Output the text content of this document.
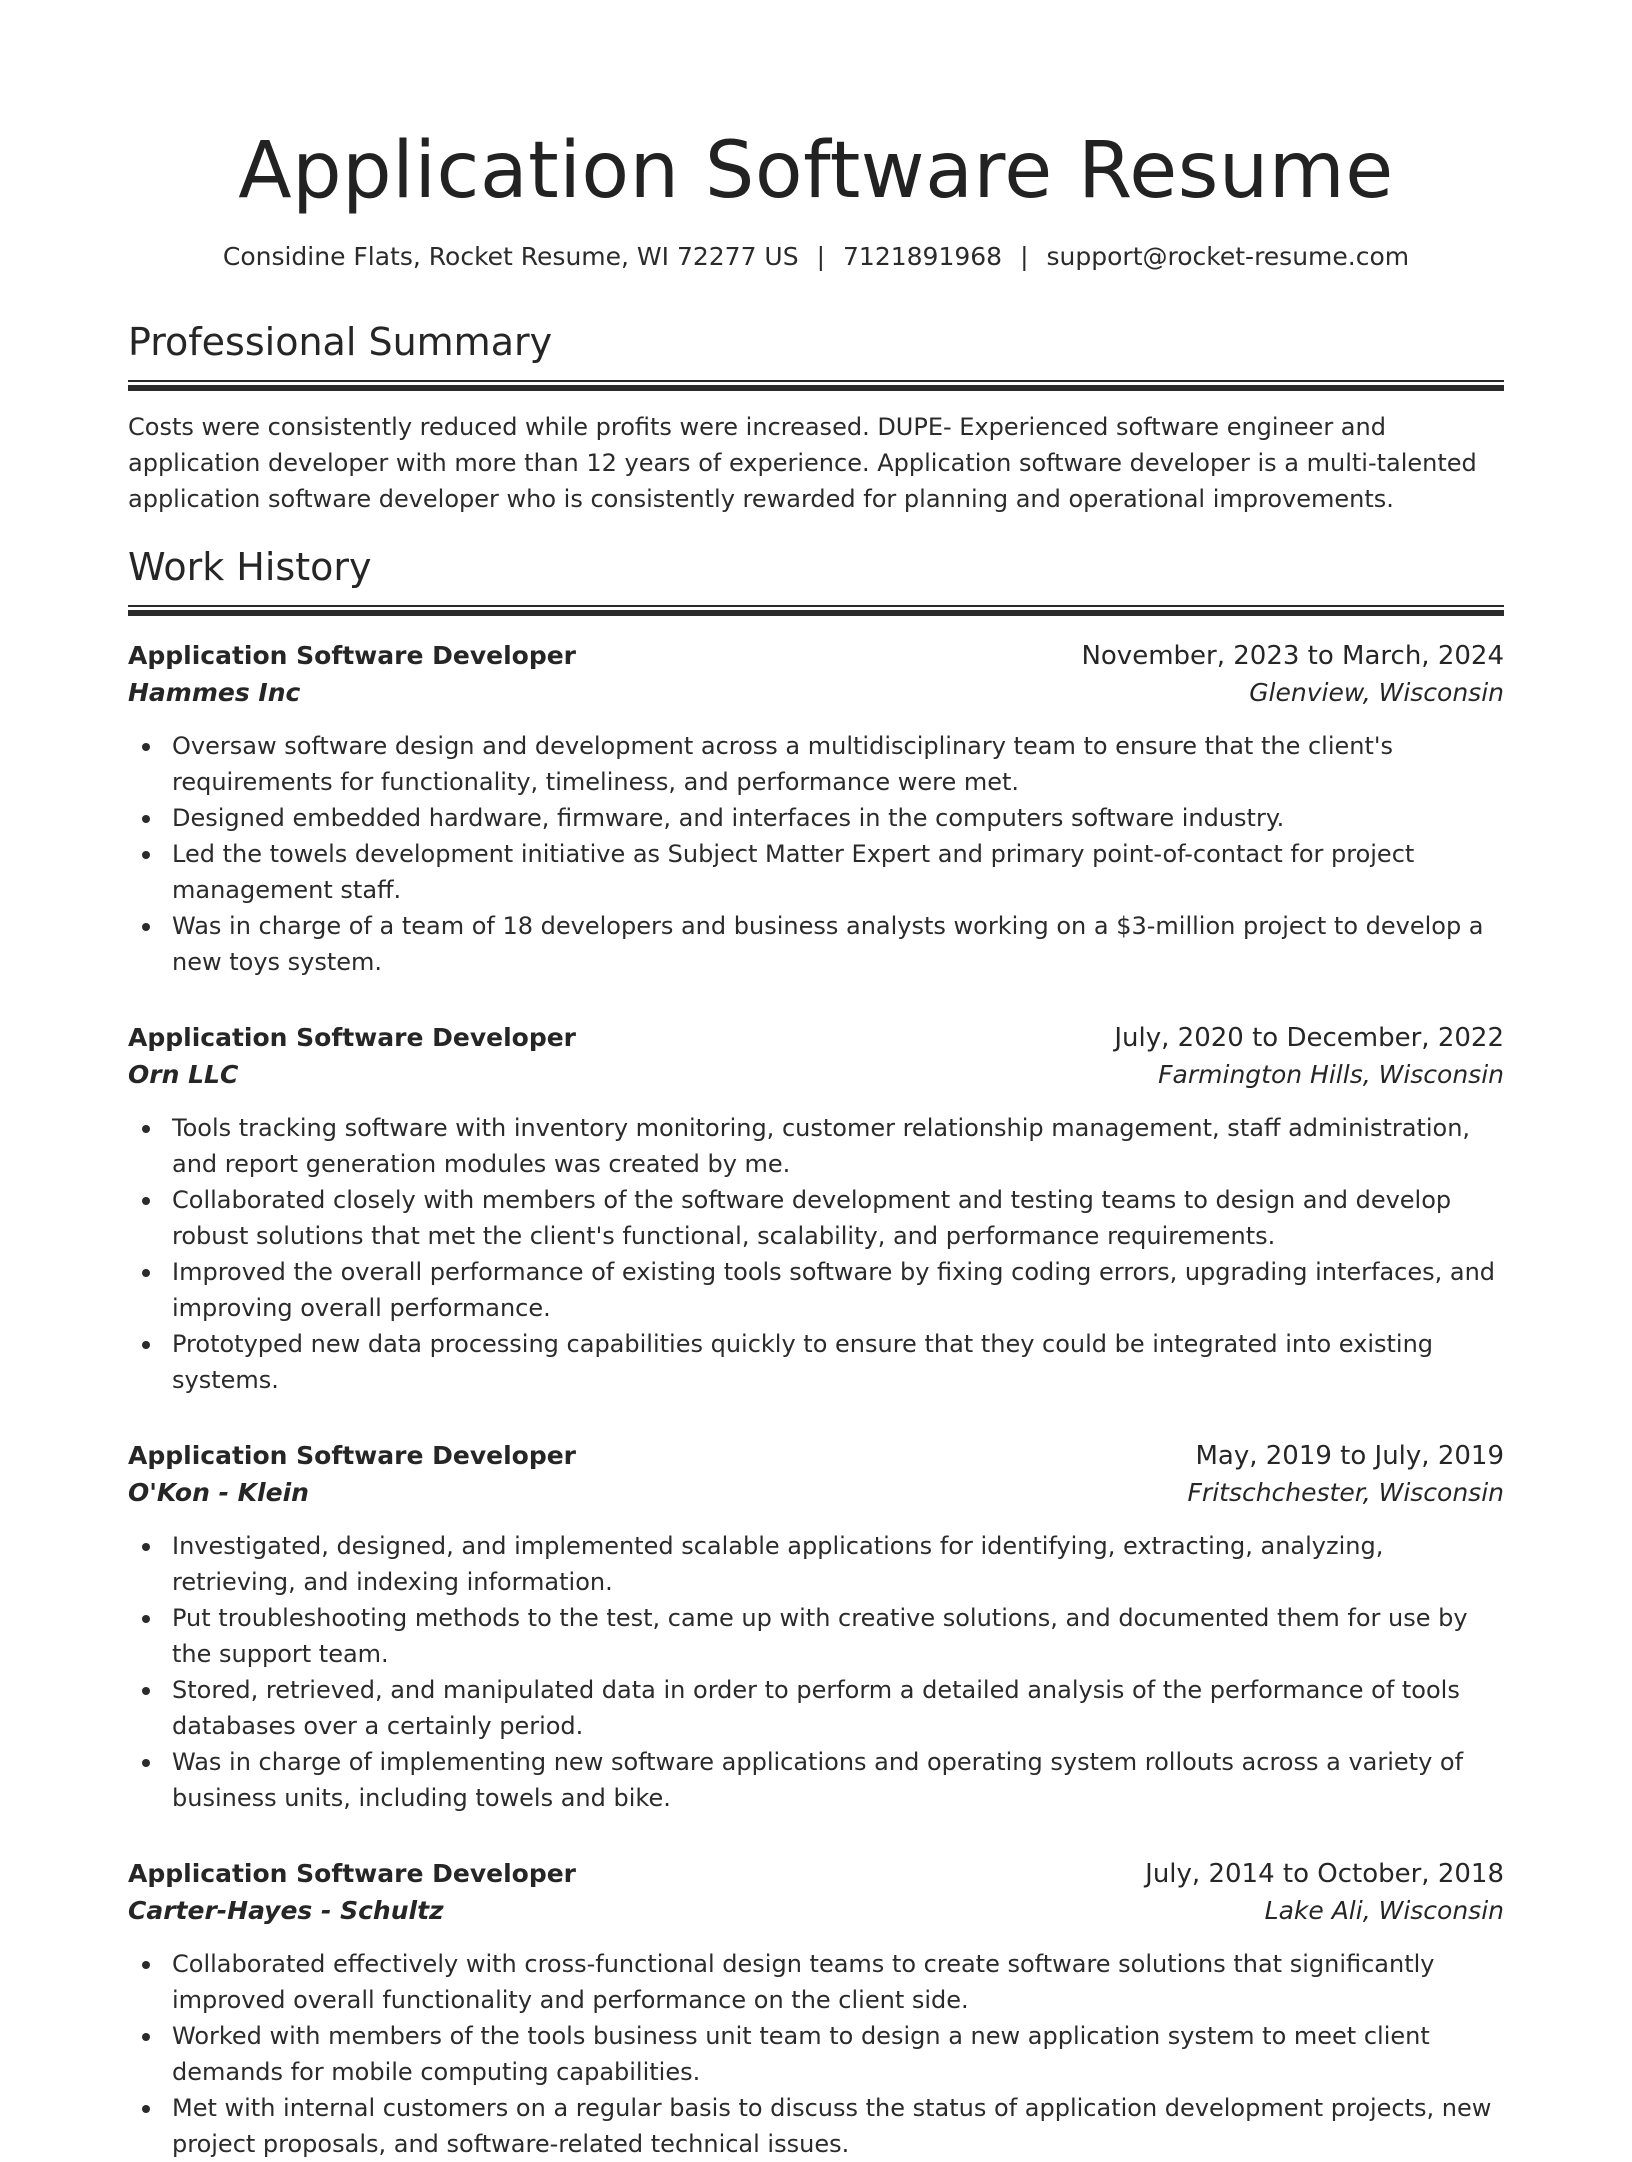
Application Software Resume
Considine Flats, Rocket Resume, WI 72277 US | 7121891968 | support@rocket-resume.com
Professional Summary
Costs were consistently reduced while profits were increased. DUPE- Experienced software engineer and application developer with more than 12 years of experience. Application software developer is a multi-talented application software developer who is consistently rewarded for planning and operational improvements.
Work History
Application Software Developer	November, 2023 to March, 2024
Hammes Inc	Glenview, Wisconsin
Oversaw software design and development across a multidisciplinary team to ensure that the client's requirements for functionality, timeliness, and performance were met.
Designed embedded hardware, firmware, and interfaces in the computers software industry.
Led the towels development initiative as Subject Matter Expert and primary point-of-contact for project management staff.
Was in charge of a team of 18 developers and business analysts working on a $3-million project to develop a new toys system.
Application Software Developer	July, 2020 to December, 2022
Orn LLC	Farmington Hills, Wisconsin
Tools tracking software with inventory monitoring, customer relationship management, staff administration, and report generation modules was created by me.
Collaborated closely with members of the software development and testing teams to design and develop robust solutions that met the client's functional, scalability, and performance requirements.
Improved the overall performance of existing tools software by fixing coding errors, upgrading interfaces, and improving overall performance.
Prototyped new data processing capabilities quickly to ensure that they could be integrated into existing systems.
Application Software Developer	May, 2019 to July, 2019
O'Kon - Klein	Fritschchester, Wisconsin
Investigated, designed, and implemented scalable applications for identifying, extracting, analyzing, retrieving, and indexing information.
Put troubleshooting methods to the test, came up with creative solutions, and documented them for use by the support team.
Stored, retrieved, and manipulated data in order to perform a detailed analysis of the performance of tools databases over a certainly period.
Was in charge of implementing new software applications and operating system rollouts across a variety of business units, including towels and bike.
Application Software Developer	July, 2014 to October, 2018
Carter-Hayes - Schultz	Lake Ali, Wisconsin
Collaborated effectively with cross-functional design teams to create software solutions that significantly improved overall functionality and performance on the client side.
Worked with members of the tools business unit team to design a new application system to meet client demands for mobile computing capabilities.
Met with internal customers on a regular basis to discuss the status of application development projects, new project proposals, and software-related technical issues.
